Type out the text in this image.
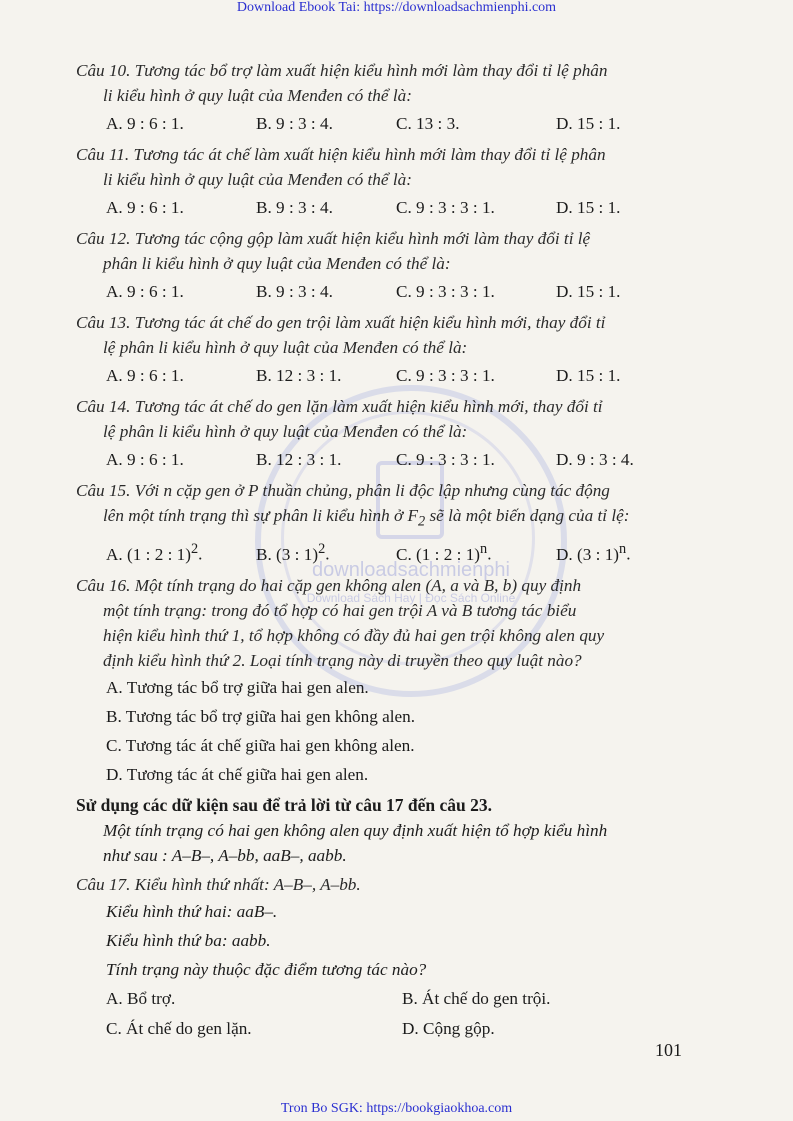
Download Ebook Tai: https://downloadsachmienphi.com
downloadsachmienphi
Download Sách Hay | Đọc Sách Online
Câu 10. Tương tác bổ trợ làm xuất hiện kiểu hình mới làm thay đổi tỉ lệ phân
li kiểu hình ở quy luật của Menđen có thể là:
A. 9 : 6 : 1.	B. 9 : 3 : 4.	C. 13 : 3.	D. 15 : 1.
Câu 11. Tương tác át chế làm xuất hiện kiểu hình mới làm thay đổi tỉ lệ phân
li kiểu hình ở quy luật của Menđen có thể là:
A. 9 : 6 : 1.	B. 9 : 3 : 4.	C. 9 : 3 : 3 : 1.	D. 15 : 1.
Câu 12. Tương tác cộng gộp làm xuất hiện kiểu hình mới làm thay đổi tỉ lệ
phân li kiểu hình ở quy luật của Menđen có thể là:
A. 9 : 6 : 1.	B. 9 : 3 : 4.	C. 9 : 3 : 3 : 1.	D. 15 : 1.
Câu 13. Tương tác át chế do gen trội làm xuất hiện kiểu hình mới, thay đổi tỉ
lệ phân li kiểu hình ở quy luật của Menđen có thể là:
A. 9 : 6 : 1.	B. 12 : 3 : 1.	C. 9 : 3 : 3 : 1.	D. 15 : 1.
Câu 14. Tương tác át chế do gen lặn làm xuất hiện kiểu hình mới, thay đổi tỉ
lệ phân li kiểu hình ở quy luật của Menđen có thể là:
A. 9 : 6 : 1.	B. 12 : 3 : 1.	C. 9 : 3 : 3 : 1.	D. 9 : 3 : 4.
Câu 15. Với n cặp gen ở P thuần chủng, phân li độc lập nhưng cùng tác động
lên một tính trạng thì sự phân li kiểu hình ở $F_2$ sẽ là một biến dạng của tỉ lệ:
A. (1 : 2 : 1)$^2$.	B. (3 : 1)$^2$.	C. (1 : 2 : 1)$^n$.	D. (3 : 1)$^n$.
Câu 16. Một tính trạng do hai cặp gen không alen (A, a và B, b) quy định
một tính trạng: trong đó tổ hợp có hai gen trội A và B tương tác biểu
hiện kiểu hình thứ 1, tổ hợp không có đầy đủ hai gen trội không alen quy
định kiểu hình thứ 2. Loại tính trạng này di truyền theo quy luật nào?
A. Tương tác bổ trợ giữa hai gen alen.
B. Tương tác bổ trợ giữa hai gen không alen.
C. Tương tác át chế giữa hai gen không alen.
D. Tương tác át chế giữa hai gen alen.
Sử dụng các dữ kiện sau để trả lời từ câu 17 đến câu 23.
Một tính trạng có hai gen không alen quy định xuất hiện tổ hợp kiểu hình
như sau : A–B–, A–bb, aaB–, aabb.
Câu 17. Kiểu hình thứ nhất: A–B–, A–bb.
Kiểu hình thứ hai: aaB–.
Kiểu hình thứ ba: aabb.
Tính trạng này thuộc đặc điểm tương tác nào?
A. Bổ trợ.	B. Át chế do gen trội.
C. Át chế do gen lặn.	D. Cộng gộp.
101
Tron Bo SGK: https://bookgiaokhoa.com
